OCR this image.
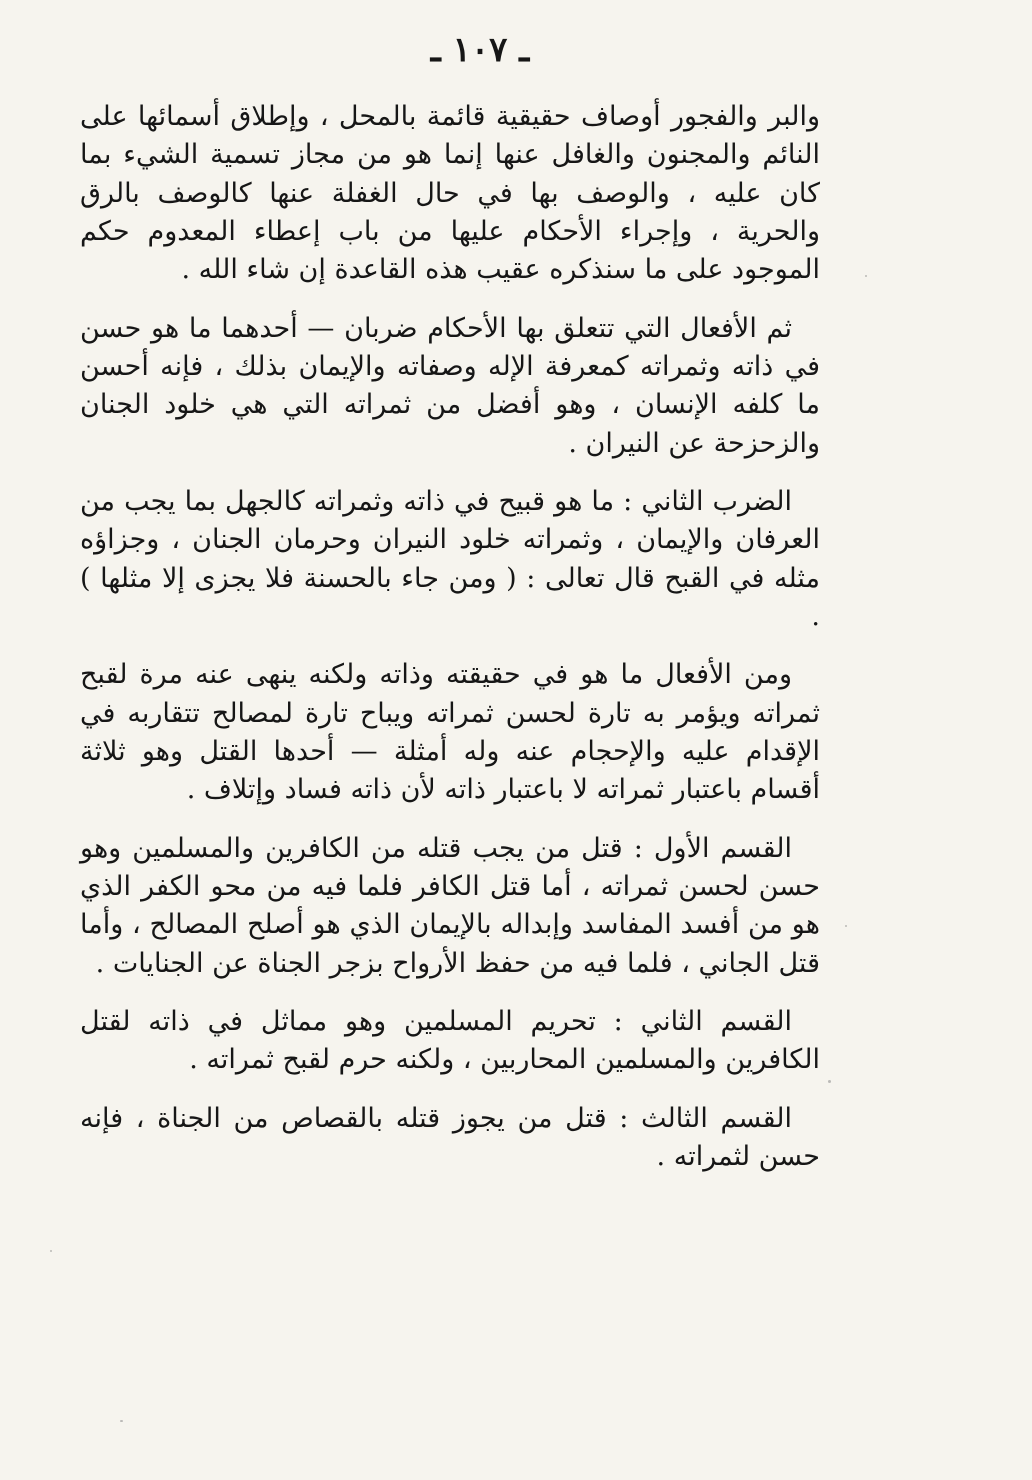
ـ ١٠٧ ـ

والبر والفجور أوصاف حقيقية قائمة بالمحل ، وإطلاق أسمائها على النائم والمجنون والغافل عنها إنما هو من مجاز تسمية الشيء بما كان عليه ، والوصف بها في حال الغفلة عنها كالوصف بالرق والحرية ، وإجراء الأحكام عليها من باب إعطاء المعدوم حكم الموجود على ما سنذكره عقيب هذه القاعدة إن شاء الله .

ثم الأفعال التي تتعلق بها الأحكام ضربان — أحدهما ما هو حسن في ذاته وثمراته كمعرفة الإله وصفاته والإيمان بذلك ، فإنه أحسن ما كلفه الإنسان ، وهو أفضل من ثمراته التي هي خلود الجنان والزحزحة عن النيران .

الضرب الثاني : ما هو قبيح في ذاته وثمراته كالجهل بما يجب من العرفان والإيمان ، وثمراته خلود النيران وحرمان الجنان ، وجزاؤه مثله في القبح قال تعالى : ( ومن جاء بالحسنة فلا يجزى إلا مثلها ) .

ومن الأفعال ما هو في حقيقته وذاته ولكنه ينهى عنه مرة لقبح ثمراته ويؤمر به تارة لحسن ثمراته ويباح تارة لمصالح تتقاربه في الإقدام عليه والإحجام عنه وله أمثلة — أحدها القتل وهو ثلاثة أقسام باعتبار ثمراته لا باعتبار ذاته لأن ذاته فساد وإتلاف .

القسم الأول : قتل من يجب قتله من الكافرين والمسلمين وهو حسن لحسن ثمراته ، أما قتل الكافر فلما فيه من محو الكفر الذي هو من أفسد المفاسد وإبداله بالإيمان الذي هو أصلح المصالح ، وأما قتل الجاني ، فلما فيه من حفظ الأرواح بزجر الجناة عن الجنايات .

القسم الثاني : تحريم المسلمين وهو مماثل في ذاته لقتل الكافرين والمسلمين المحاربين ، ولكنه حرم لقبح ثمراته .

القسم الثالث : قتل من يجوز قتله بالقصاص من الجناة ، فإنه حسن لثمراته .
